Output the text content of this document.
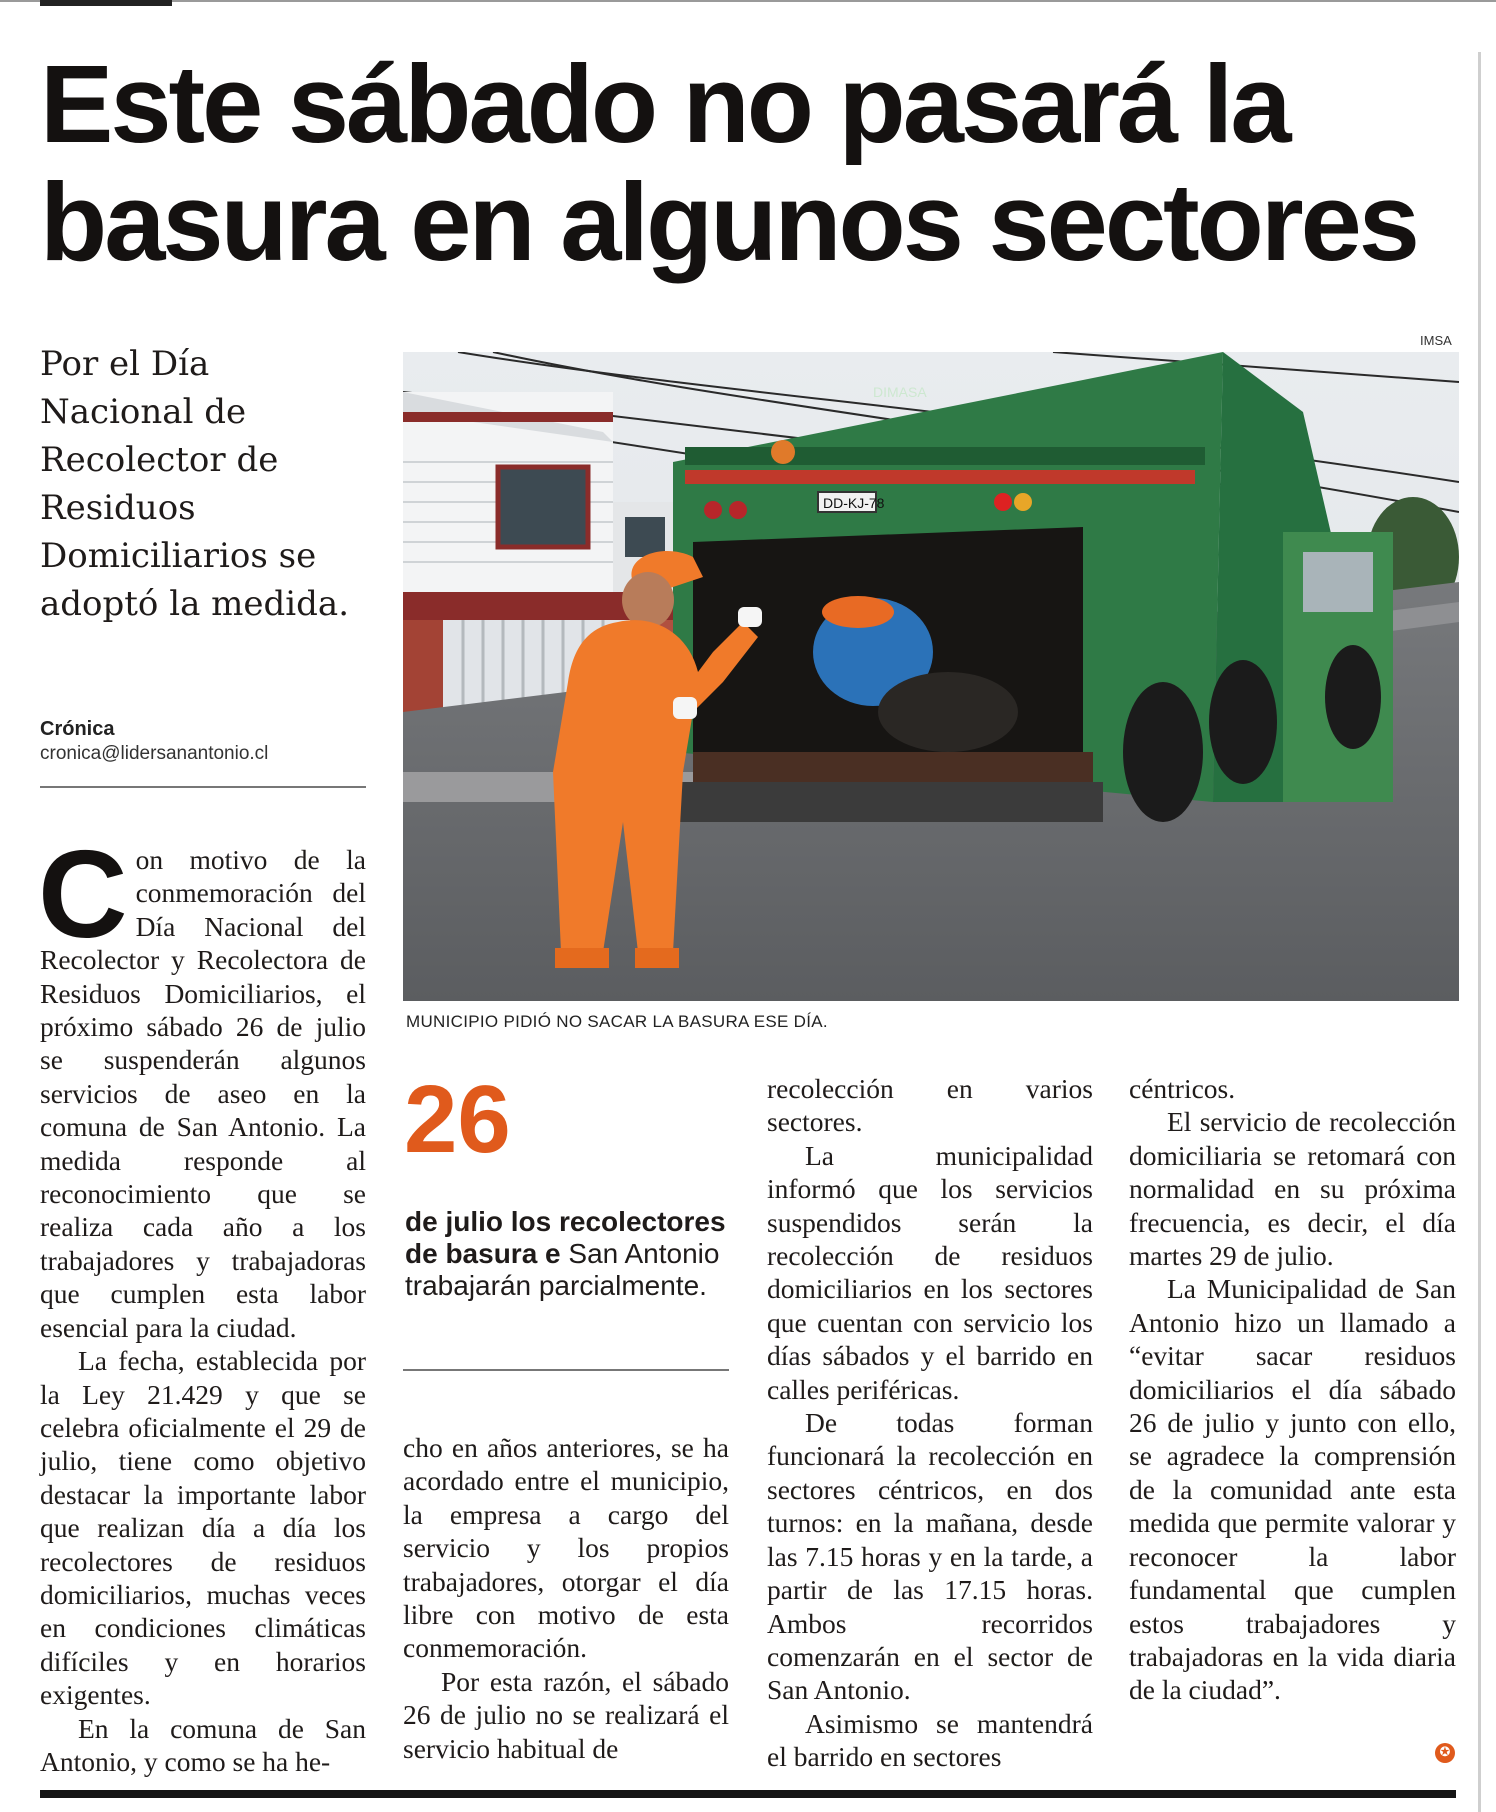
Este sábado no pasará la
basura en algunos sectores
Por el Día Nacional de Recolector de Residuos Domiciliarios se adoptó la medida.
Crónica
cronica@lidersanantonio.cl
IMSA
DD-KJ-78
DIMASA
MUNICIPIO PIDIÓ NO SACAR LA BASURA ESE DÍA.

Con motivo de la conmemoración del Día Nacional del Recolector y Recolectora de Residuos Domiciliarios, el próximo sábado 26 de julio se suspenderán algunos servicios de aseo en la comuna de San Antonio. La medida responde al reconocimiento que se realiza cada año a los trabajadores y trabajadoras que cumplen esta labor esencial para la ciudad.

La fecha, establecida por la Ley 21.429 y que se celebra oficialmente el 29 de julio, tiene como objetivo destacar la importante labor que realizan día a día los recolectores de residuos domiciliarios, muchas veces en condiciones climáticas difíciles y en horarios exigentes.

En la comuna de San Antonio, y como se ha he-

26
de julio los recolectores de basura e San Antonio trabajarán parcialmente.

cho en años anteriores, se ha acordado entre el municipio, la empresa a cargo del servicio y los propios trabajadores, otorgar el día libre con motivo de esta conmemoración.

Por esta razón, el sábado 26 de julio no se realizará el servicio habitual de

recolección en varios sectores.

La municipalidad informó que los servicios suspendidos serán la recolección de residuos domiciliarios en los sectores que cuentan con servicio los días sábados y el barrido en calles periféricas.

De todas forman funcionará la recolección en sectores céntricos, en dos turnos: en la mañana, desde las 7.15 horas y en la tarde, a partir de las 17.15 horas. Ambos recorridos comenzarán en el sector de San Antonio.

Asimismo se mantendrá el barrido en sectores

céntricos.

El servicio de recolección domiciliaria se retomará con normalidad en su próxima frecuencia, es decir, el día martes 29 de julio.

La Municipalidad de San Antonio hizo un llamado a “evitar sacar residuos domiciliarios el día sábado 26 de julio y junto con ello, se agradece la comprensión de la comunidad ante esta medida que permite valorar y reconocer la labor fundamental que cumplen estos trabajadores y trabajadoras en la vida diaria de la ciudad”.

✪
